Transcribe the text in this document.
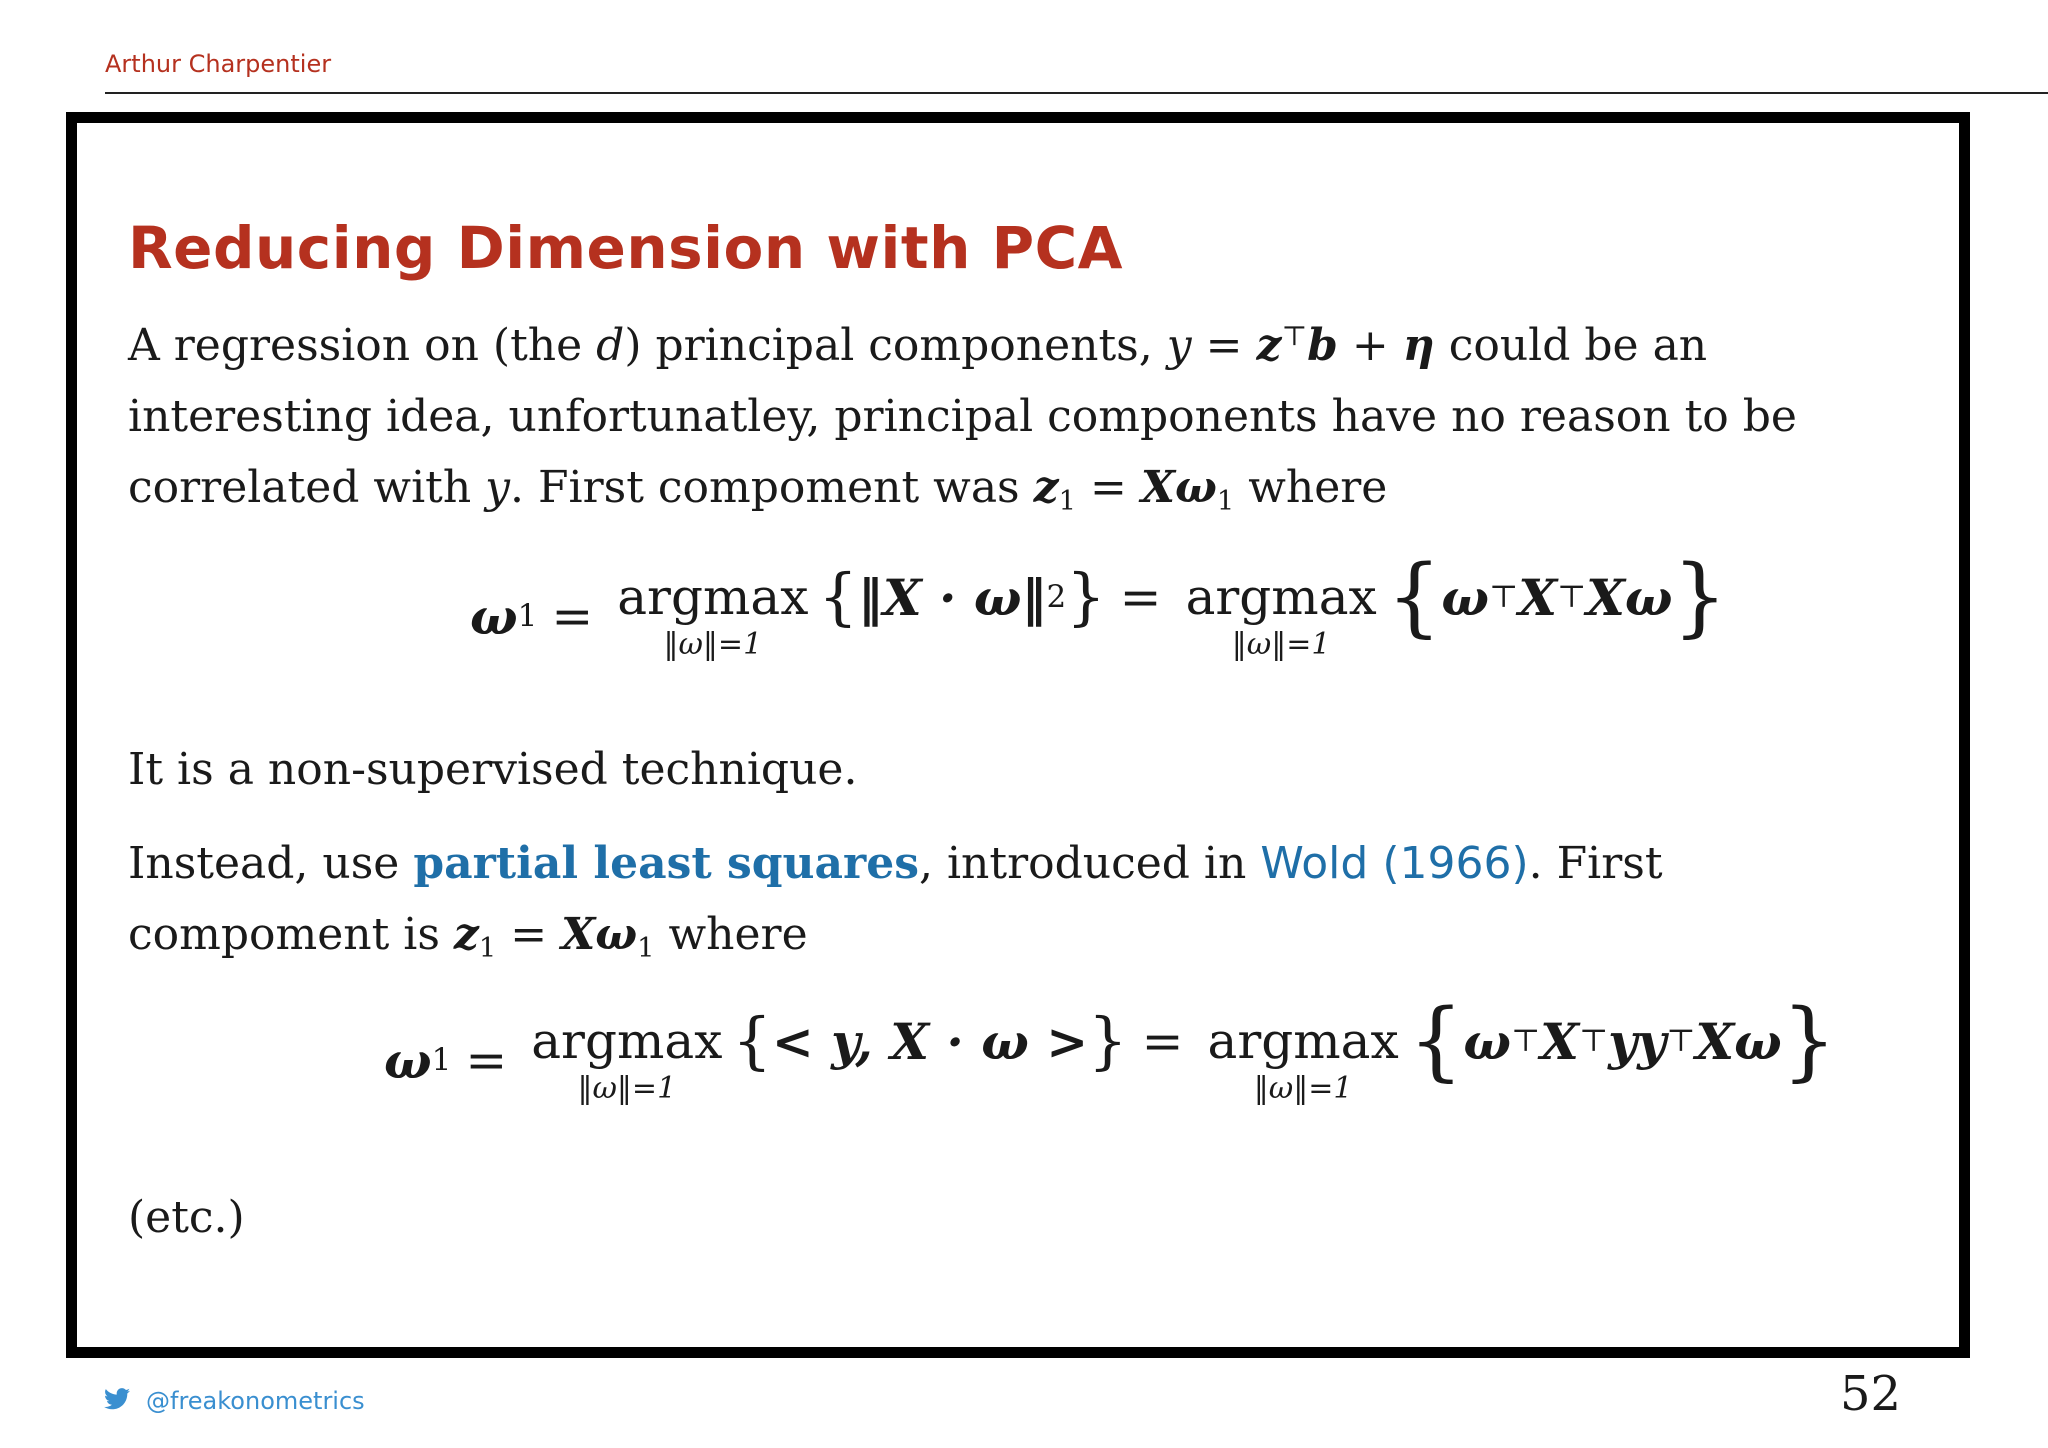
Arthur Charpentier
Reducing Dimension with PCA
A regression on (the d) principal components, y = z⊤b + η could be an
interesting idea, unfortunatley, principal components have no reason to be
correlated with y. First compoment was $z_1 = X\omega_1$ where
ω 1 = argmax
‖ω‖=1
{ ‖X · ω‖ 2 } = argmax
‖ω‖=1 { ω ⊤ X ⊤ Xω }
It is a non-supervised technique.
Instead, use partial least squares, introduced in Wold (1966). First
compoment is $z_1 = X\omega_1$ where
ω 1 = argmax
‖ω‖=1
{ < y, X · ω > } = argmax
‖ω‖=1 { ω ⊤ X ⊤ yy ⊤ Xω }
(etc.)
@freakonometrics	52
